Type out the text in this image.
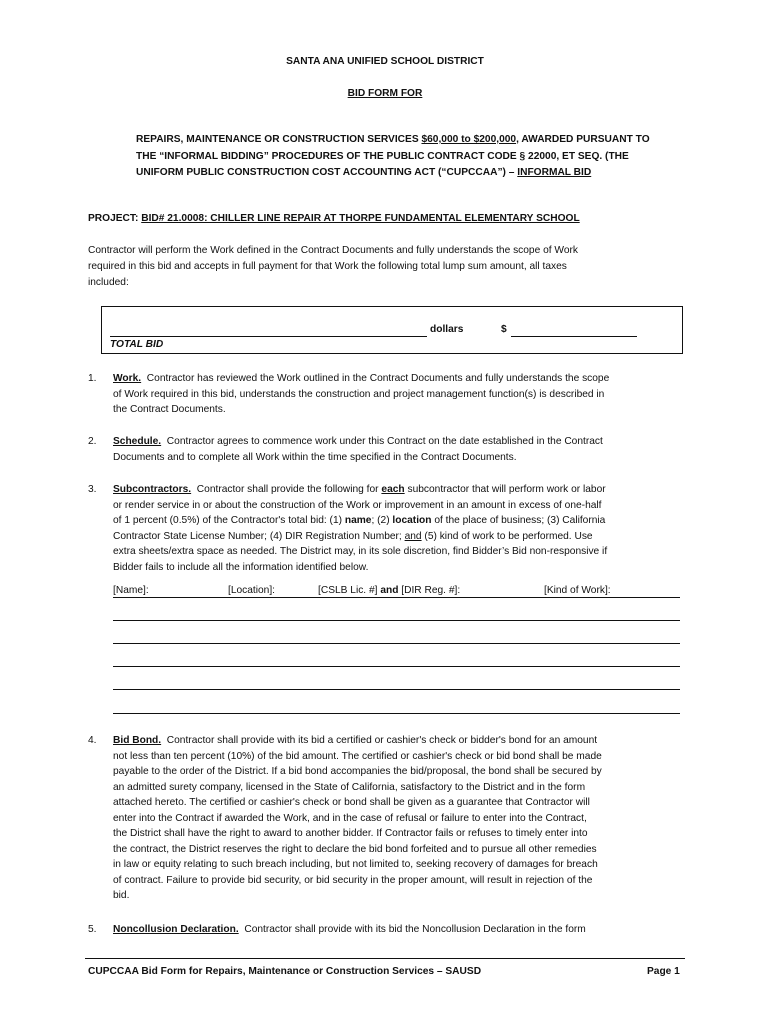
SANTA ANA UNIFIED SCHOOL DISTRICT
BID FORM FOR
REPAIRS, MAINTENANCE OR CONSTRUCTION SERVICES $60,000 to $200,000, AWARDED PURSUANT TO
THE “INFORMAL BIDDING” PROCEDURES OF THE PUBLIC CONTRACT CODE § 22000, ET SEQ. (THE
UNIFORM PUBLIC CONSTRUCTION COST ACCOUNTING ACT (“CUPCCAA”) – INFORMAL BID
PROJECT: BID# 21.0008: CHILLER LINE REPAIR AT THORPE FUNDAMENTAL ELEMENTARY SCHOOL
Contractor will perform the Work defined in the Contract Documents and fully understands the scope of Work
required in this bid and accepts in full payment for that Work the following total lump sum amount, all taxes
included:
dollars	$
TOTAL BID
1. Work. Contractor has reviewed the Work outlined in the Contract Documents and fully understands the scope
of Work required in this bid, understands the construction and project management function(s) is described in
the Contract Documents.
2. Schedule. Contractor agrees to commence work under this Contract on the date established in the Contract
Documents and to complete all Work within the time specified in the Contract Documents.
3. Subcontractors. Contractor shall provide the following for each subcontractor that will perform work or labor
or render service in or about the construction of the Work or improvement in an amount in excess of one-half
of 1 percent (0.5%) of the Contractor's total bid: (1) name; (2) location of the place of business; (3) California
Contractor State License Number; (4) DIR Registration Number; and (5) kind of work to be performed. Use
extra sheets/extra space as needed. The District may, in its sole discretion, find Bidder’s Bid non-responsive if
Bidder fails to include all the information identified below.
[Name]:	[Location]:	[CSLB Lic. #] and [DIR Reg. #]:	[Kind of Work]:
4. Bid Bond. Contractor shall provide with its bid a certified or cashier's check or bidder's bond for an amount
not less than ten percent (10%) of the bid amount. The certified or cashier's check or bid bond shall be made
payable to the order of the District. If a bid bond accompanies the bid/proposal, the bond shall be secured by
an admitted surety company, licensed in the State of California, satisfactory to the District and in the form
attached hereto. The certified or cashier's check or bond shall be given as a guarantee that Contractor will
enter into the Contract if awarded the Work, and in the case of refusal or failure to enter into the Contract,
the District shall have the right to award to another bidder. If Contractor fails or refuses to timely enter into
the contract, the District reserves the right to declare the bid bond forfeited and to pursue all other remedies
in law or equity relating to such breach including, but not limited to, seeking recovery of damages for breach
of contract. Failure to provide bid security, or bid security in the proper amount, will result in rejection of the
bid.
5. Noncollusion Declaration. Contractor shall provide with its bid the Noncollusion Declaration in the form
CUPCCAA Bid Form for Repairs, Maintenance or Construction Services – SAUSD	Page 1
